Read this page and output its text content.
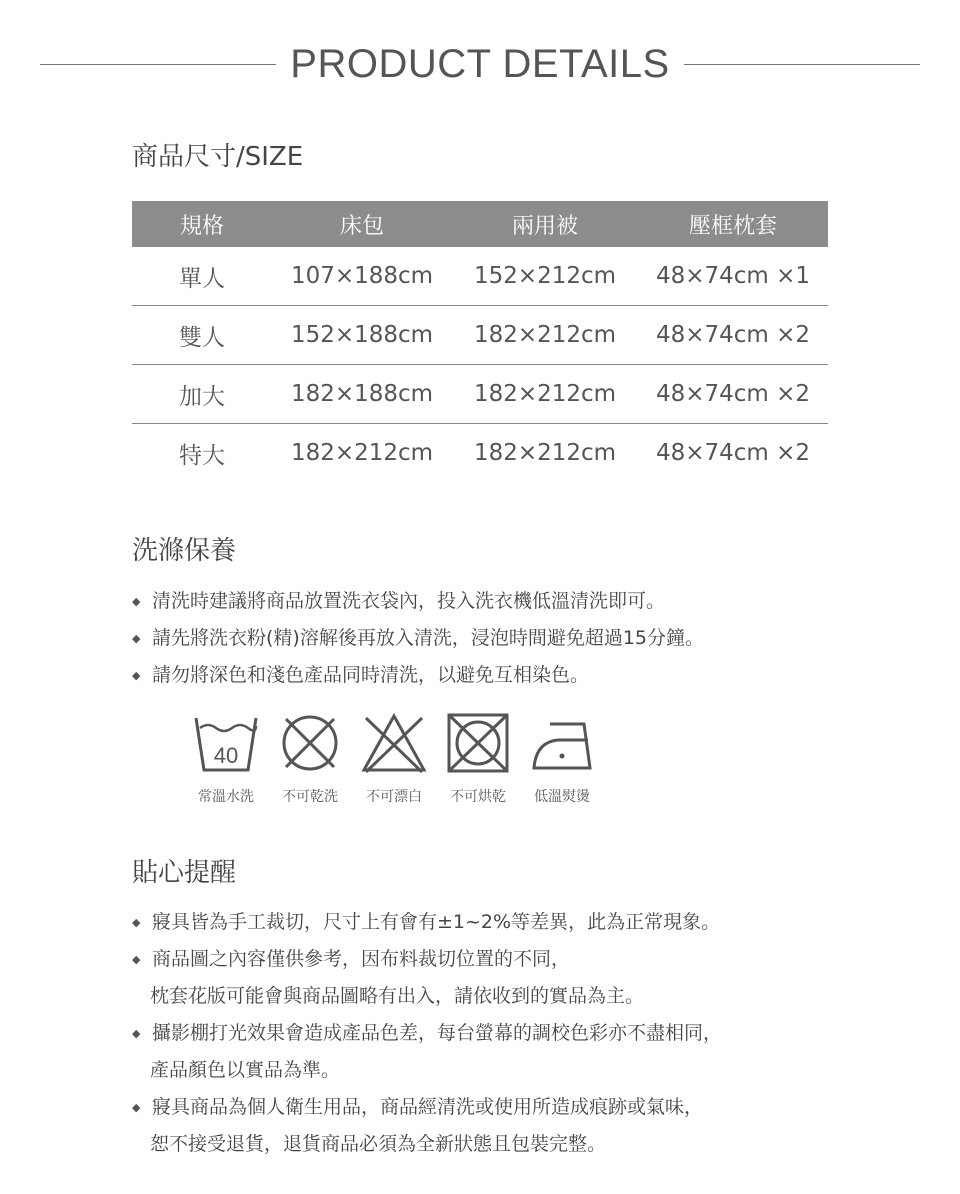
PRODUCT DETAILS
商品尺寸/SIZE
規格	床包	兩用被	壓框枕套
單人	107×188cm	152×212cm	48×74cm ×1
雙人	152×188cm	182×212cm	48×74cm ×2
加大	182×188cm	182×212cm	48×74cm ×2
特大	182×212cm	182×212cm	48×74cm ×2
洗滌保養
◆ 清洗時建議將商品放置洗衣袋內，投入洗衣機低溫清洗即可。
◆ 請先將洗衣粉(精)溶解後再放入清洗，浸泡時間避免超過15分鐘。
◆ 請勿將深色和淺色產品同時清洗，以避免互相染色。
40
常溫水洗	不可乾洗	不可漂白	不可烘乾	低溫熨燙
貼心提醒
◆ 寢具皆為手工裁切，尺寸上有會有±1~2%等差異，此為正常現象。
◆ 商品圖之內容僅供參考，因布料裁切位置的不同，
枕套花版可能會與商品圖略有出入，請依收到的實品為主。
◆ 攝影棚打光效果會造成產品色差，每台螢幕的調校色彩亦不盡相同，
產品顏色以實品為準。
◆ 寢具商品為個人衛生用品，商品經清洗或使用所造成痕跡或氣味，
恕不接受退貨，退貨商品必須為全新狀態且包裝完整。
